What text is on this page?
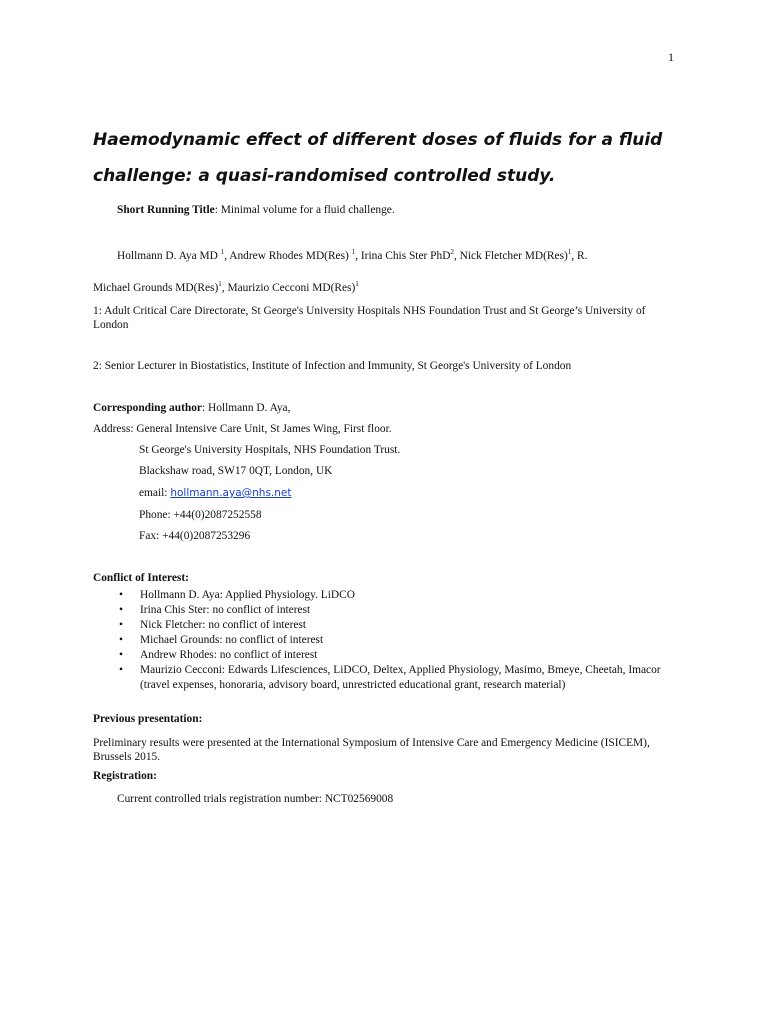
1
Haemodynamic effect of different doses of fluids for a fluid
challenge: a quasi-randomised controlled study.
Short Running Title: Minimal volume for a fluid challenge.
Hollmann D. Aya MD $^1$, Andrew Rhodes MD(Res) $^1$, Irina Chis Ster PhD$^2$, Nick Fletcher MD(Res)$^1$, R.
Michael Grounds MD(Res)$^1$, Maurizio Cecconi MD(Res)$^1$
1: Adult Critical Care Directorate, St George's University Hospitals NHS Foundation Trust and St George’s University of London
2: Senior Lecturer in Biostatistics, Institute of Infection and Immunity, St George's University of London
Corresponding author: Hollmann D. Aya,
Address: General Intensive Care Unit, St James Wing, First floor.
St George's University Hospitals, NHS Foundation Trust.
Blackshaw road, SW17 0QT, London, UK
email: hollmann.aya@nhs.net
Phone: +44(0)2087252558
Fax: +44(0)2087253296
Conflict of Interest:
• Hollmann D. Aya: Applied Physiology. LiDCO
• Irina Chis Ster: no conflict of interest
• Nick Fletcher: no conflict of interest
• Michael Grounds: no conflict of interest
• Andrew Rhodes: no conflict of interest
• Maurizio Cecconi: Edwards Lifesciences, LiDCO, Deltex, Applied Physiology, Masimo, Bmeye, Cheetah, Imacor (travel expenses, honoraria, advisory board, unrestricted educational grant, research material)
Previous presentation:
Preliminary results were presented at the International Symposium of Intensive Care and Emergency Medicine (ISICEM), Brussels 2015.
Registration:
Current controlled trials registration number: NCT02569008
